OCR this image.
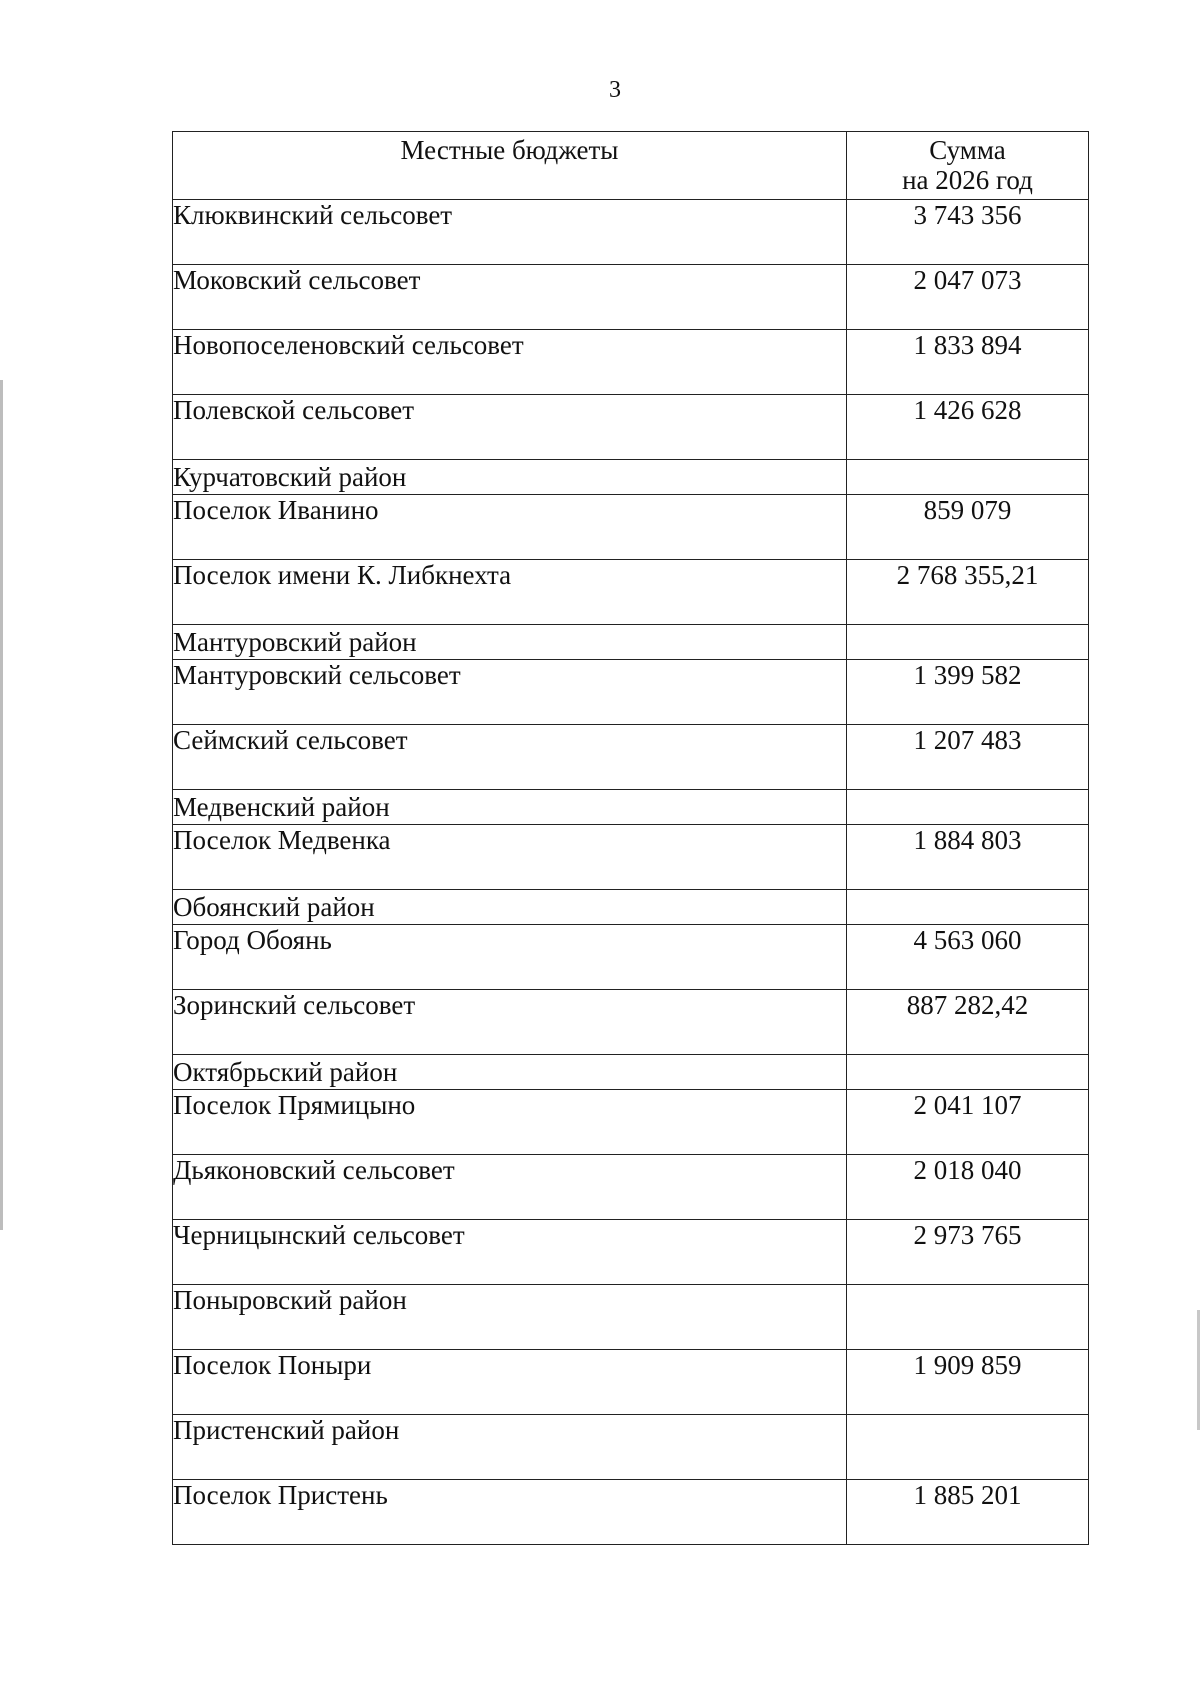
3
Местные бюджеты	Сумма
на 2026 год

Клюквинский сельсовет	3 743 356
Моковский сельсовет	2 047 073
Новопоселеновский сельсовет	1 833 894
Полевской сельсовет	1 426 628
Курчатовский район	
Поселок Иванино	859 079
Поселок имени К. Либкнехта	2 768 355,21
Мантуровский район	
Мантуровский сельсовет	1 399 582
Сеймский сельсовет	1 207 483
Медвенский район	
Поселок Медвенка	1 884 803
Обоянский район	
Город Обоянь	4 563 060
Зоринский сельсовет	887 282,42
Октябрьский район	
Поселок Прямицыно	2 041 107
Дьяконовский сельсовет	2 018 040
Черницынский сельсовет	2 973 765
Поныровский район	
Поселок Поныри	1 909 859
Пристенский район	
Поселок Пристень	1 885 201
